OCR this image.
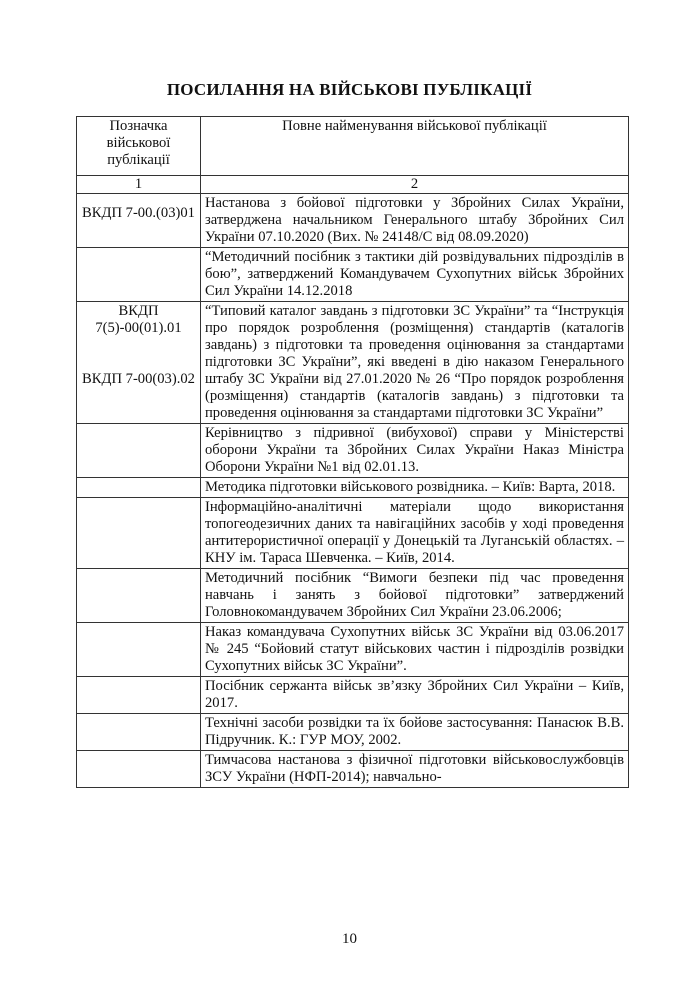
ПОСИЛАННЯ НА ВІЙСЬКОВІ ПУБЛІКАЦІЇ
Позначка військової публікації	Повне найменування військової публікації
1	2

ВКДП 7-00.(03)01	Настанова з бойової підготовки у Збройних Силах України, затверджена начальником Генерального штабу Збройних Сил України 07.10.2020 (Вих. № 24148/С від 08.09.2020)
	“Методичний посібник з тактики дій розвідувальних підрозділів в бою”, затверджений Командувачем Сухопутних військ Збройних Сил України 14.12.2018

ВКДП 7(5)-00(01).01
ВКДП 7-00(03).02	“Типовий каталог завдань з підготовки ЗС України” та “Інструкція про порядок розроблення (розміщення) стандартів (каталогів завдань) з підготовки та проведення оцінювання за стандартами підготовки ЗС України”, які введені в дію наказом Генерального штабу ЗС України від 27.01.2020 № 26 “Про порядок розроблення (розміщення) стандартів (каталогів завдань) з підготовки та проведення оцінювання за стандартами підготовки ЗС України”
	Керівництво з підривної (вибухової) справи у Міністерстві оборони України та Збройних Силах України Наказ Міністра Оборони України №1 від 02.01.13.
	Методика підготовки військового розвідника. – Київ: Варта, 2018.
	Інформаційно-аналітичні матеріали щодо використання топогеодезичних даних та навігаційних засобів у ході проведення антитерористичної операції у Донецькій та Луганській областях. – КНУ ім. Тараса Шевченка. – Київ, 2014.
	Методичний посібник “Вимоги безпеки під час проведення навчань і занять з бойової підготовки” затверджений Головнокомандувачем Збройних Сил України 23.06.2006;
	Наказ командувача Сухопутних військ ЗС України від 03.06.2017 № 245 “Бойовий статут військових частин і підрозділів розвідки Сухопутних військ ЗС України”.
	Посібник сержанта військ зв’язку Збройних Сил України – Київ, 2017.
	Технічні засоби розвідки та їх бойове застосування: Панасюк В.В. Підручник. К.: ГУР МОУ, 2002.
	Тимчасова настанова з фізичної підготовки військовослужбовців ЗСУ України (НФП-2014); навчально-
10
